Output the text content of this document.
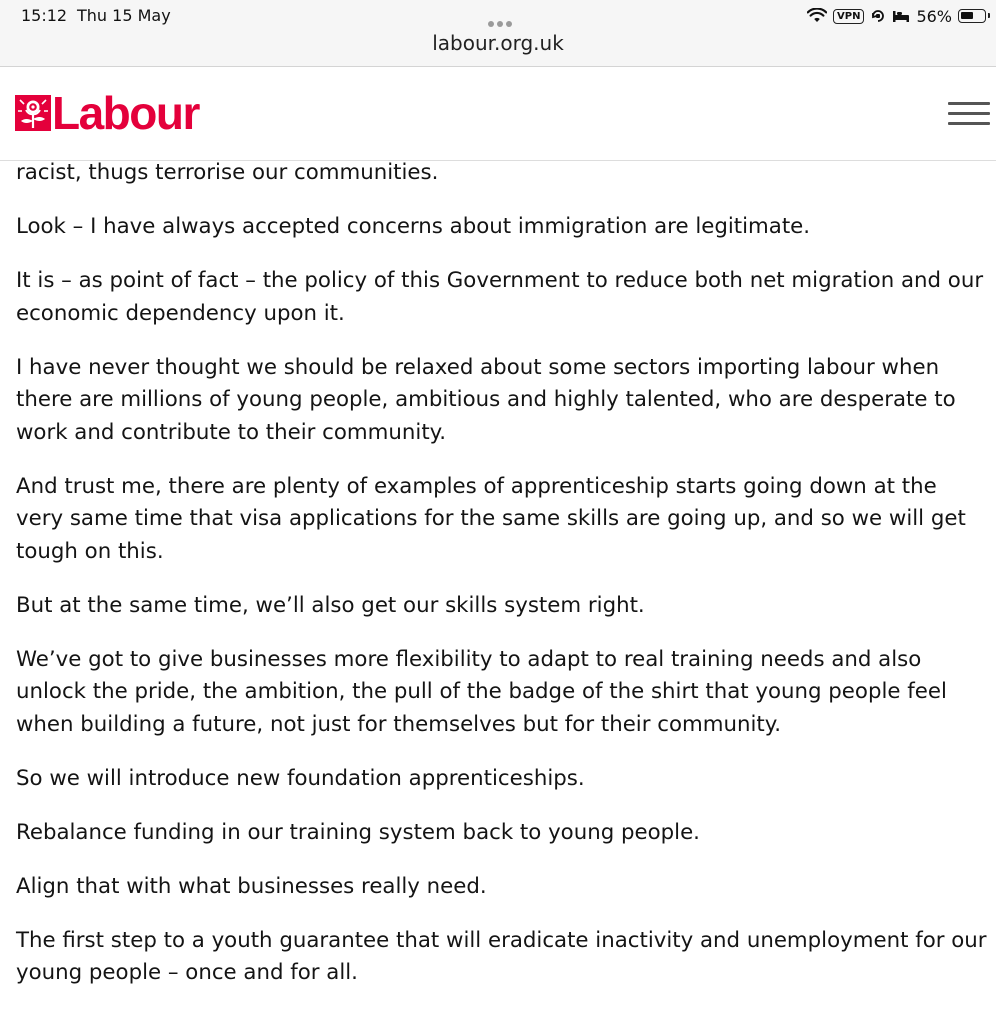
15:12 Thu 15 May	VPN	56%
labour.org.uk
Labour

racist, thugs terrorise our communities.

Look – I have always accepted concerns about immigration are legitimate.

It is – as point of fact – the policy of this Government to reduce both net migration and our economic dependency upon it.

I have never thought we should be relaxed about some sectors importing labour when there are millions of young people, ambitious and highly talented, who are desperate to work and contribute to their community.

And trust me, there are plenty of examples of apprenticeship starts going down at the very same time that visa applications for the same skills are going up, and so we will get tough on this.

But at the same time, we’ll also get our skills system right.

We’ve got to give businesses more flexibility to adapt to real training needs and also unlock the pride, the ambition, the pull of the badge of the shirt that young people feel when building a future, not just for themselves but for their community.

So we will introduce new foundation apprenticeships.

Rebalance funding in our training system back to young people.

Align that with what businesses really need.

The first step to a youth guarantee that will eradicate inactivity and unemployment for our young people – once and for all.
